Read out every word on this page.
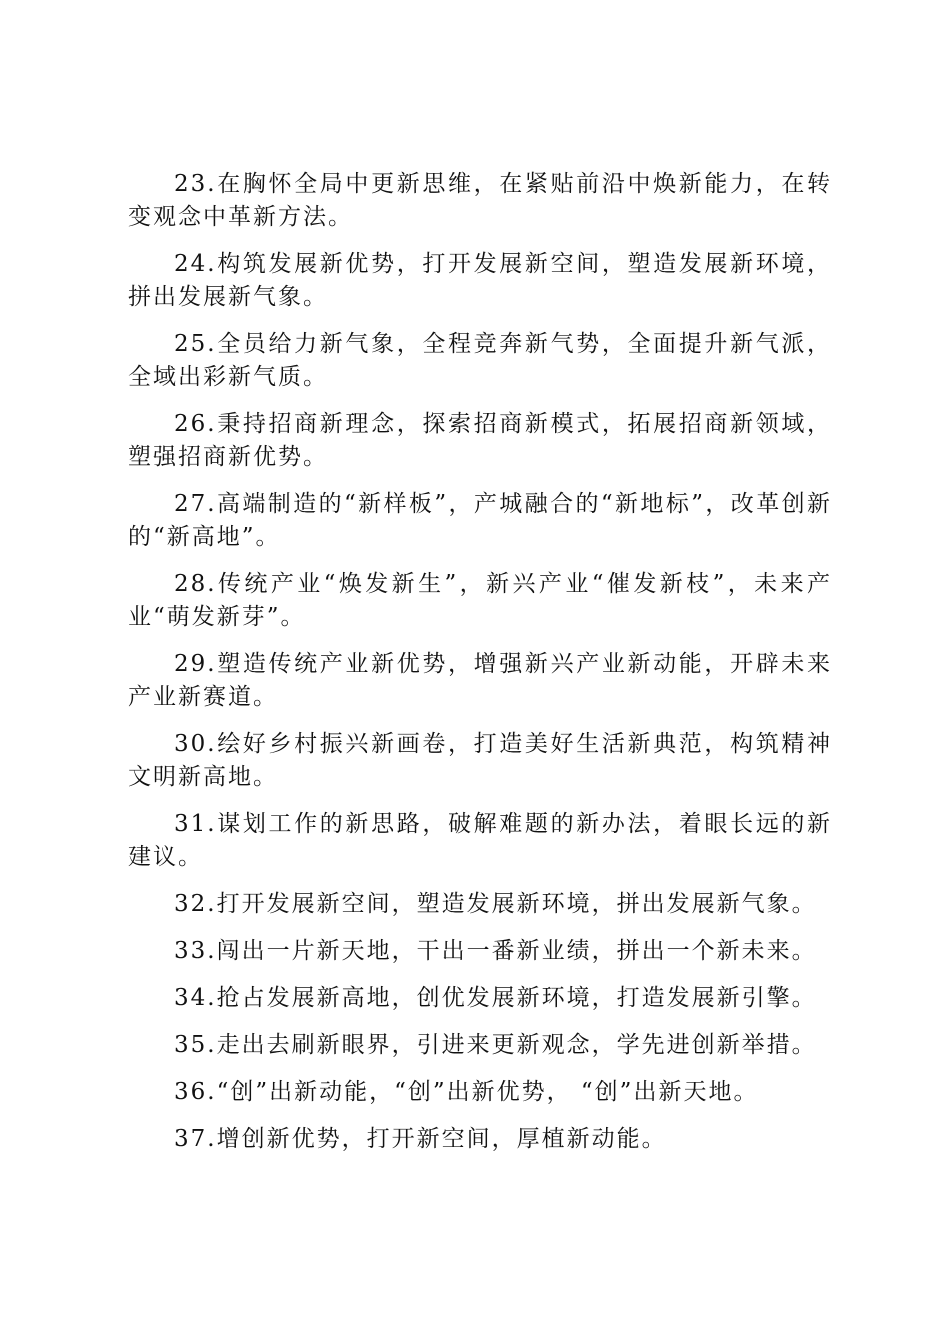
23.在胸怀全局中更新思维，在紧贴前沿中焕新能力，在转变观念中革新方法。

24.构筑发展新优势，打开发展新空间，塑造发展新环境，拼出发展新气象。

25.全员给力新气象，全程竞奔新气势，全面提升新气派，全域出彩新气质。

26.秉持招商新理念，探索招商新模式，拓展招商新领域，塑强招商新优势。

27.高端制造的“新样板”，产城融合的“新地标”，改革创新的“新高地”。

28.传统产业“焕发新生”，新兴产业“催发新枝”，未来产业“萌发新芽”。

29.塑造传统产业新优势，增强新兴产业新动能，开辟未来产业新赛道。

30.绘好乡村振兴新画卷，打造美好生活新典范，构筑精神文明新高地。

31.谋划工作的新思路，破解难题的新办法，着眼长远的新建议。

32.打开发展新空间，塑造发展新环境，拼出发展新气象。

33.闯出一片新天地，干出一番新业绩，拼出一个新未来。

34.抢占发展新高地，创优发展新环境，打造发展新引擎。

35.走出去刷新眼界，引进来更新观念，学先进创新举措。

36.“创”出新动能，“创”出新优势， “创”出新天地。

37.增创新优势，打开新空间，厚植新动能。
